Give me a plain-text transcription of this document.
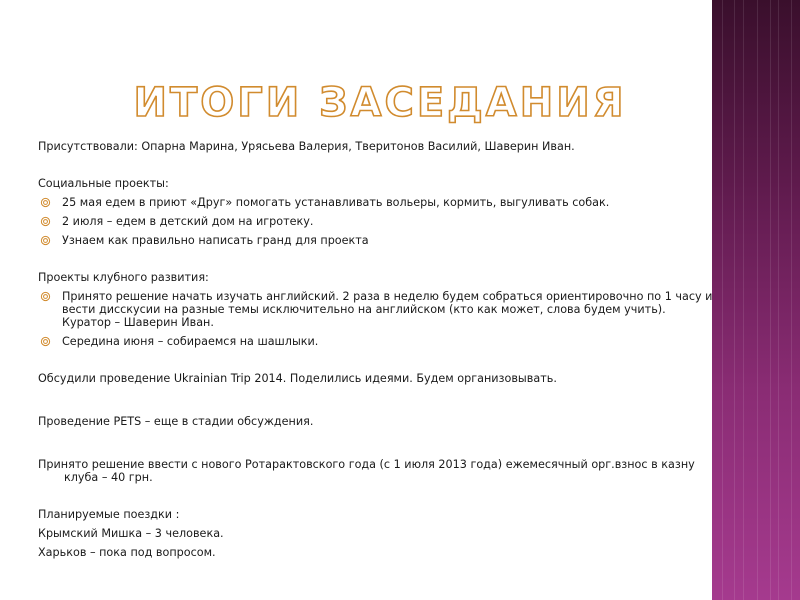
ИТОГИ ЗАСЕДАНИЯ

Присутствовали: Опарна Марина, Урясьева Валерия, Тверитонов Василий, Шаверин Иван.

Социальные проекты:

25 мая едем в приют «Друг» помогать устанавливать вольеры, кормить, выгуливать собак.
2 июля – едем в детский дом на игротеку.
Узнаем как правильно написать гранд для проекта

Проекты клубного развития:

Принято решение начать изучать английский. 2 раза в неделю будем собраться ориентировочно по 1 часу и вести дисскусии на разные темы исключительно на английском (кто как может, слова будем учить). Куратор – Шаверин Иван.
Середина июня – собираемся на шашлыки.

Обсудили проведение Ukrainian Trip 2014. Поделились идеями. Будем организовывать.

Проведение PETS – еще в стадии обсуждения.

Принято решение ввести с нового Ротарактовского года (с 1 июля 2013 года) ежемесячный орг.взнос в казну клуба – 40 грн.

Планируемые поездки :

Крымский Мишка – 3 человека.

Харьков – пока под вопросом.
